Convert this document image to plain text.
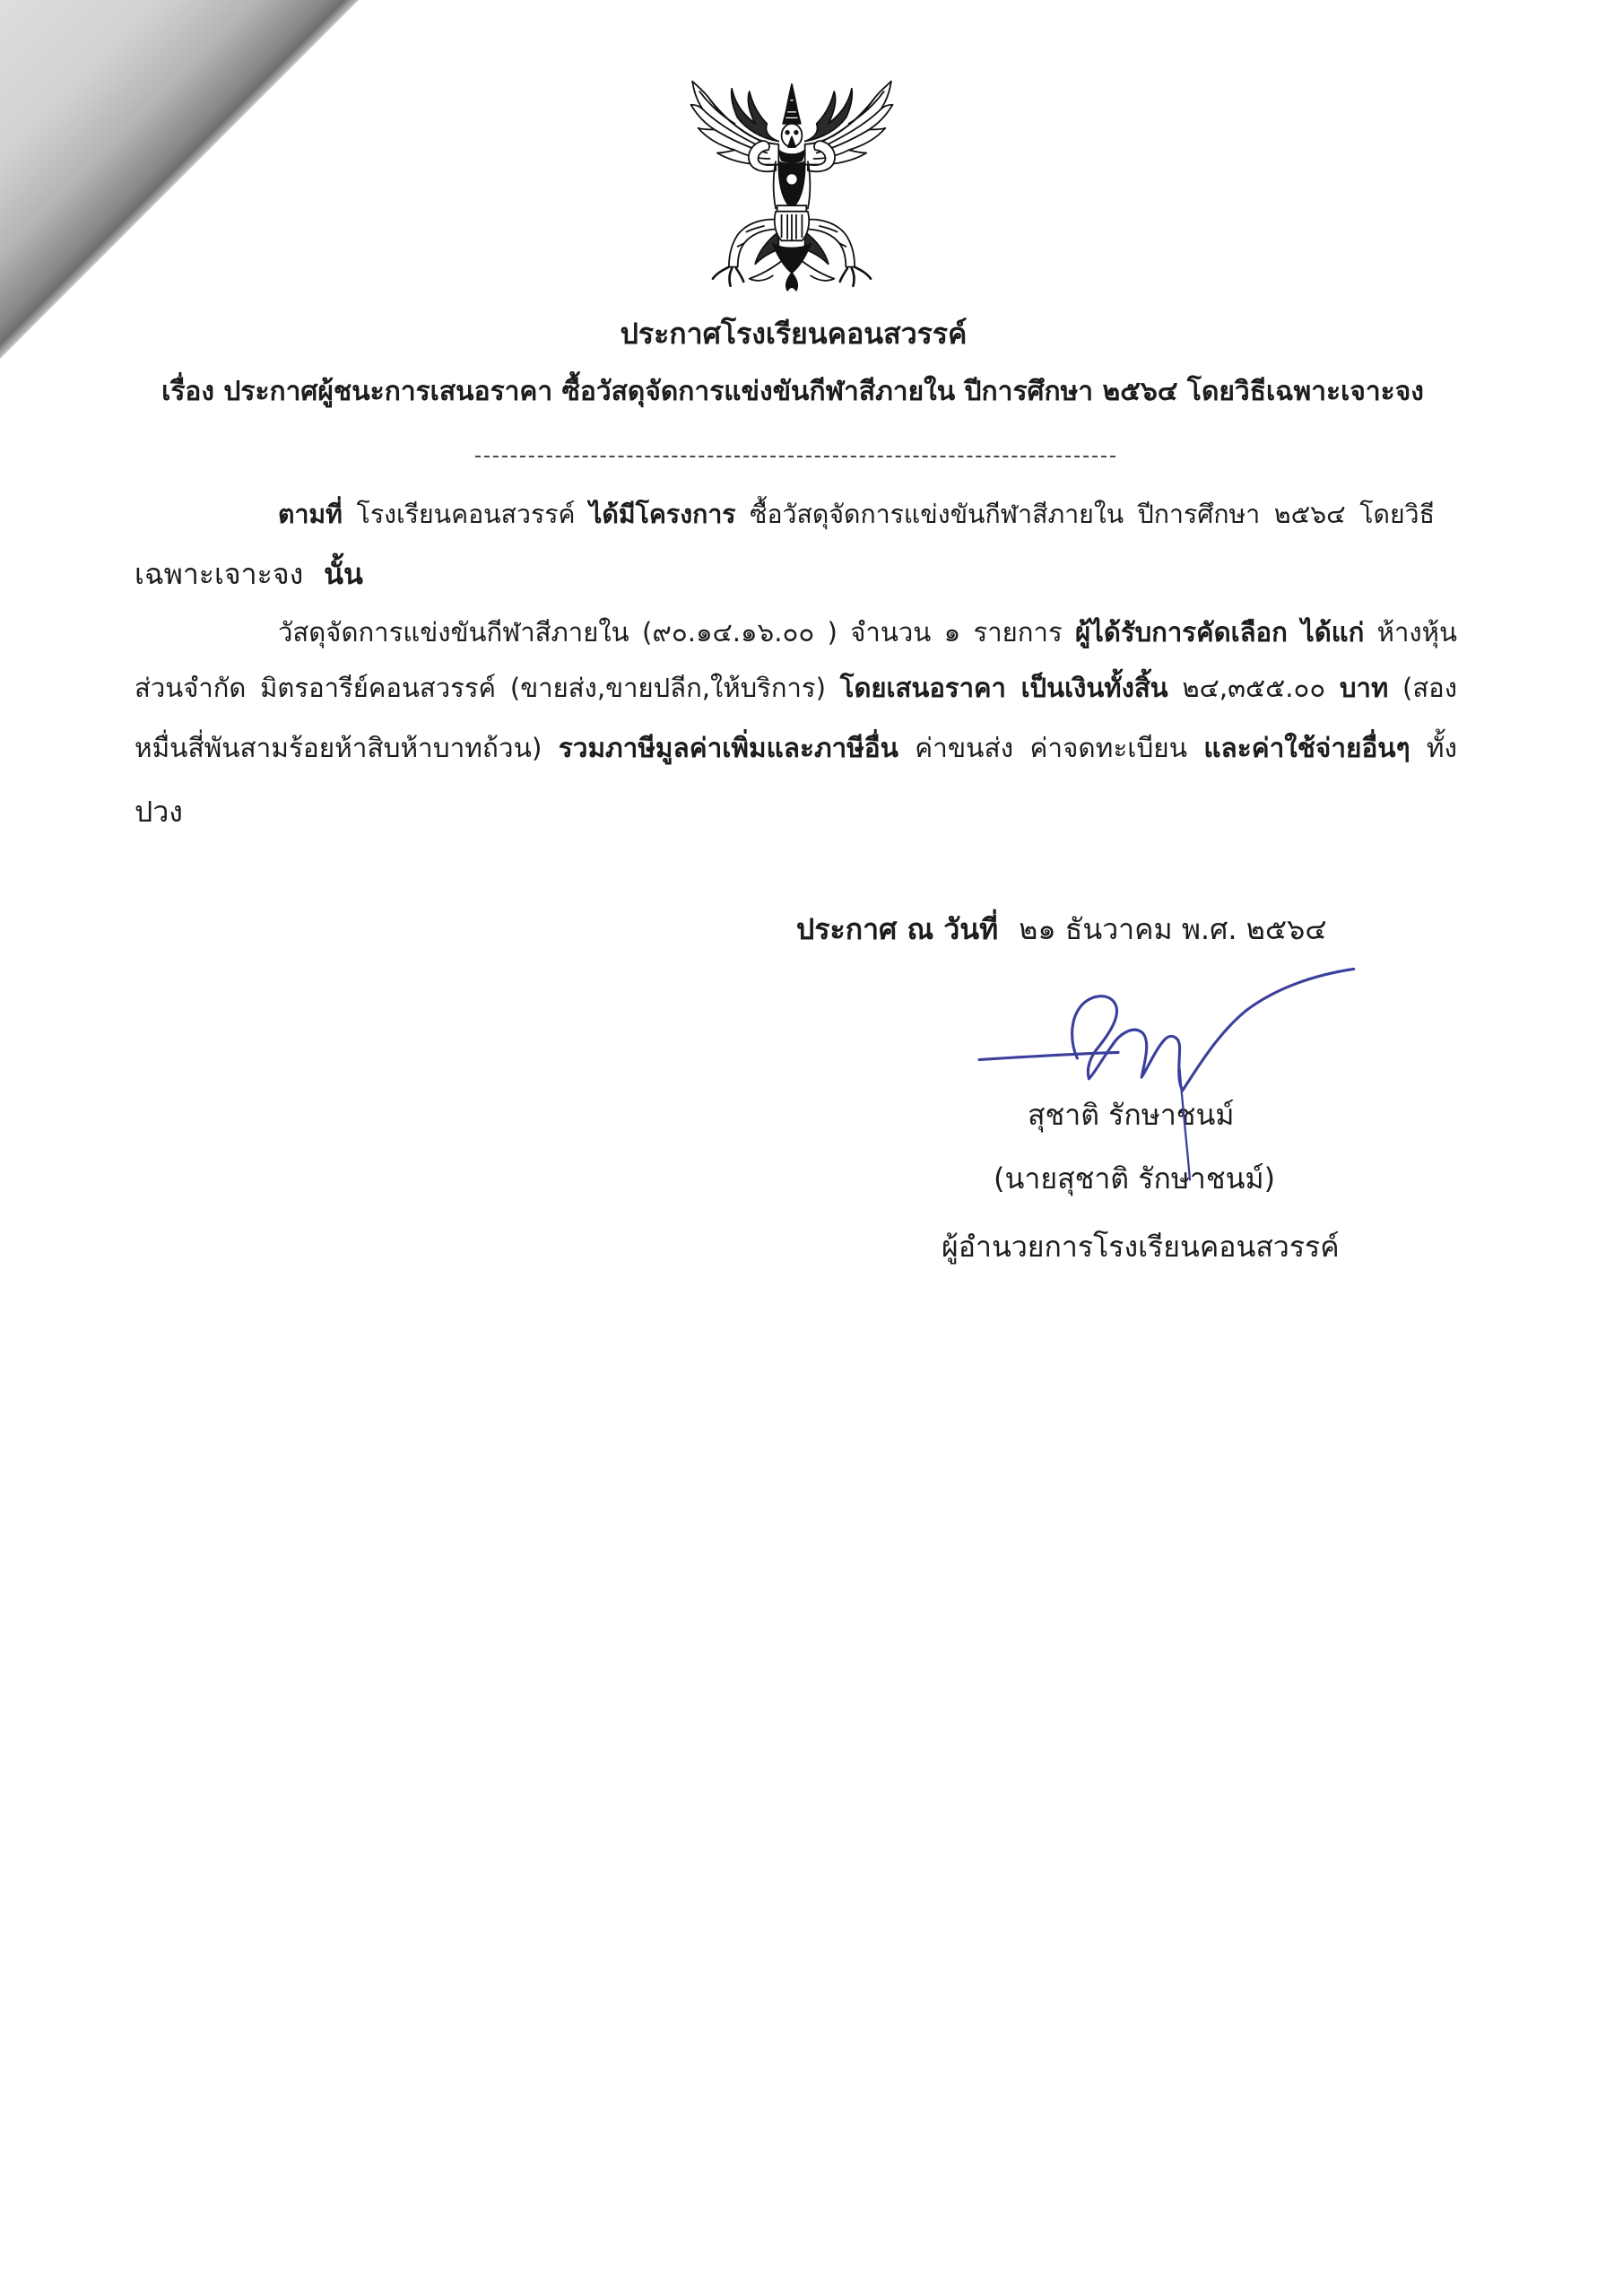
ประกาศโรงเรียนคอนสวรรค์
เรื่อง ประกาศผู้ชนะการเสนอราคา ซื้อวัสดุจัดการแข่งขันกีฬาสีภายใน ปีการศึกษา ๒๕๖๔ โดยวิธีเฉพาะเจาะจง
ตามที่ โรงเรียนคอนสวรรค์ ได้มีโครงการ ซื้อวัสดุจัดการแข่งขันกีฬาสีภายใน ปีการศึกษา ๒๕๖๔ โดยวิธี
เฉพาะเจาะจง นั้น
วัสดุจัดการแข่งขันกีฬาสีภายใน (๙๐.๑๔.๑๖.๐๐ ) จำนวน ๑ รายการ ผู้ได้รับการคัดเลือก ได้แก่ ห้างหุ้น
ส่วนจำกัด มิตรอารีย์คอนสวรรค์ (ขายส่ง,ขายปลีก,ให้บริการ) โดยเสนอราคา เป็นเงินทั้งสิ้น ๒๔,๓๕๕.๐๐ บาท (สอง
หมื่นสี่พันสามร้อยห้าสิบห้าบาทถ้วน) รวมภาษีมูลค่าเพิ่มและภาษีอื่น ค่าขนส่ง ค่าจดทะเบียน และค่าใช้จ่ายอื่นๆ ทั้ง
ปวง
ประกาศ ณ วันที่ ๒๑ ธันวาคม พ.ศ. ๒๕๖๔
สุชาติ รักษาชนม์
(นายสุชาติ รักษาชนม์)
ผู้อำนวยการโรงเรียนคอนสวรรค์
